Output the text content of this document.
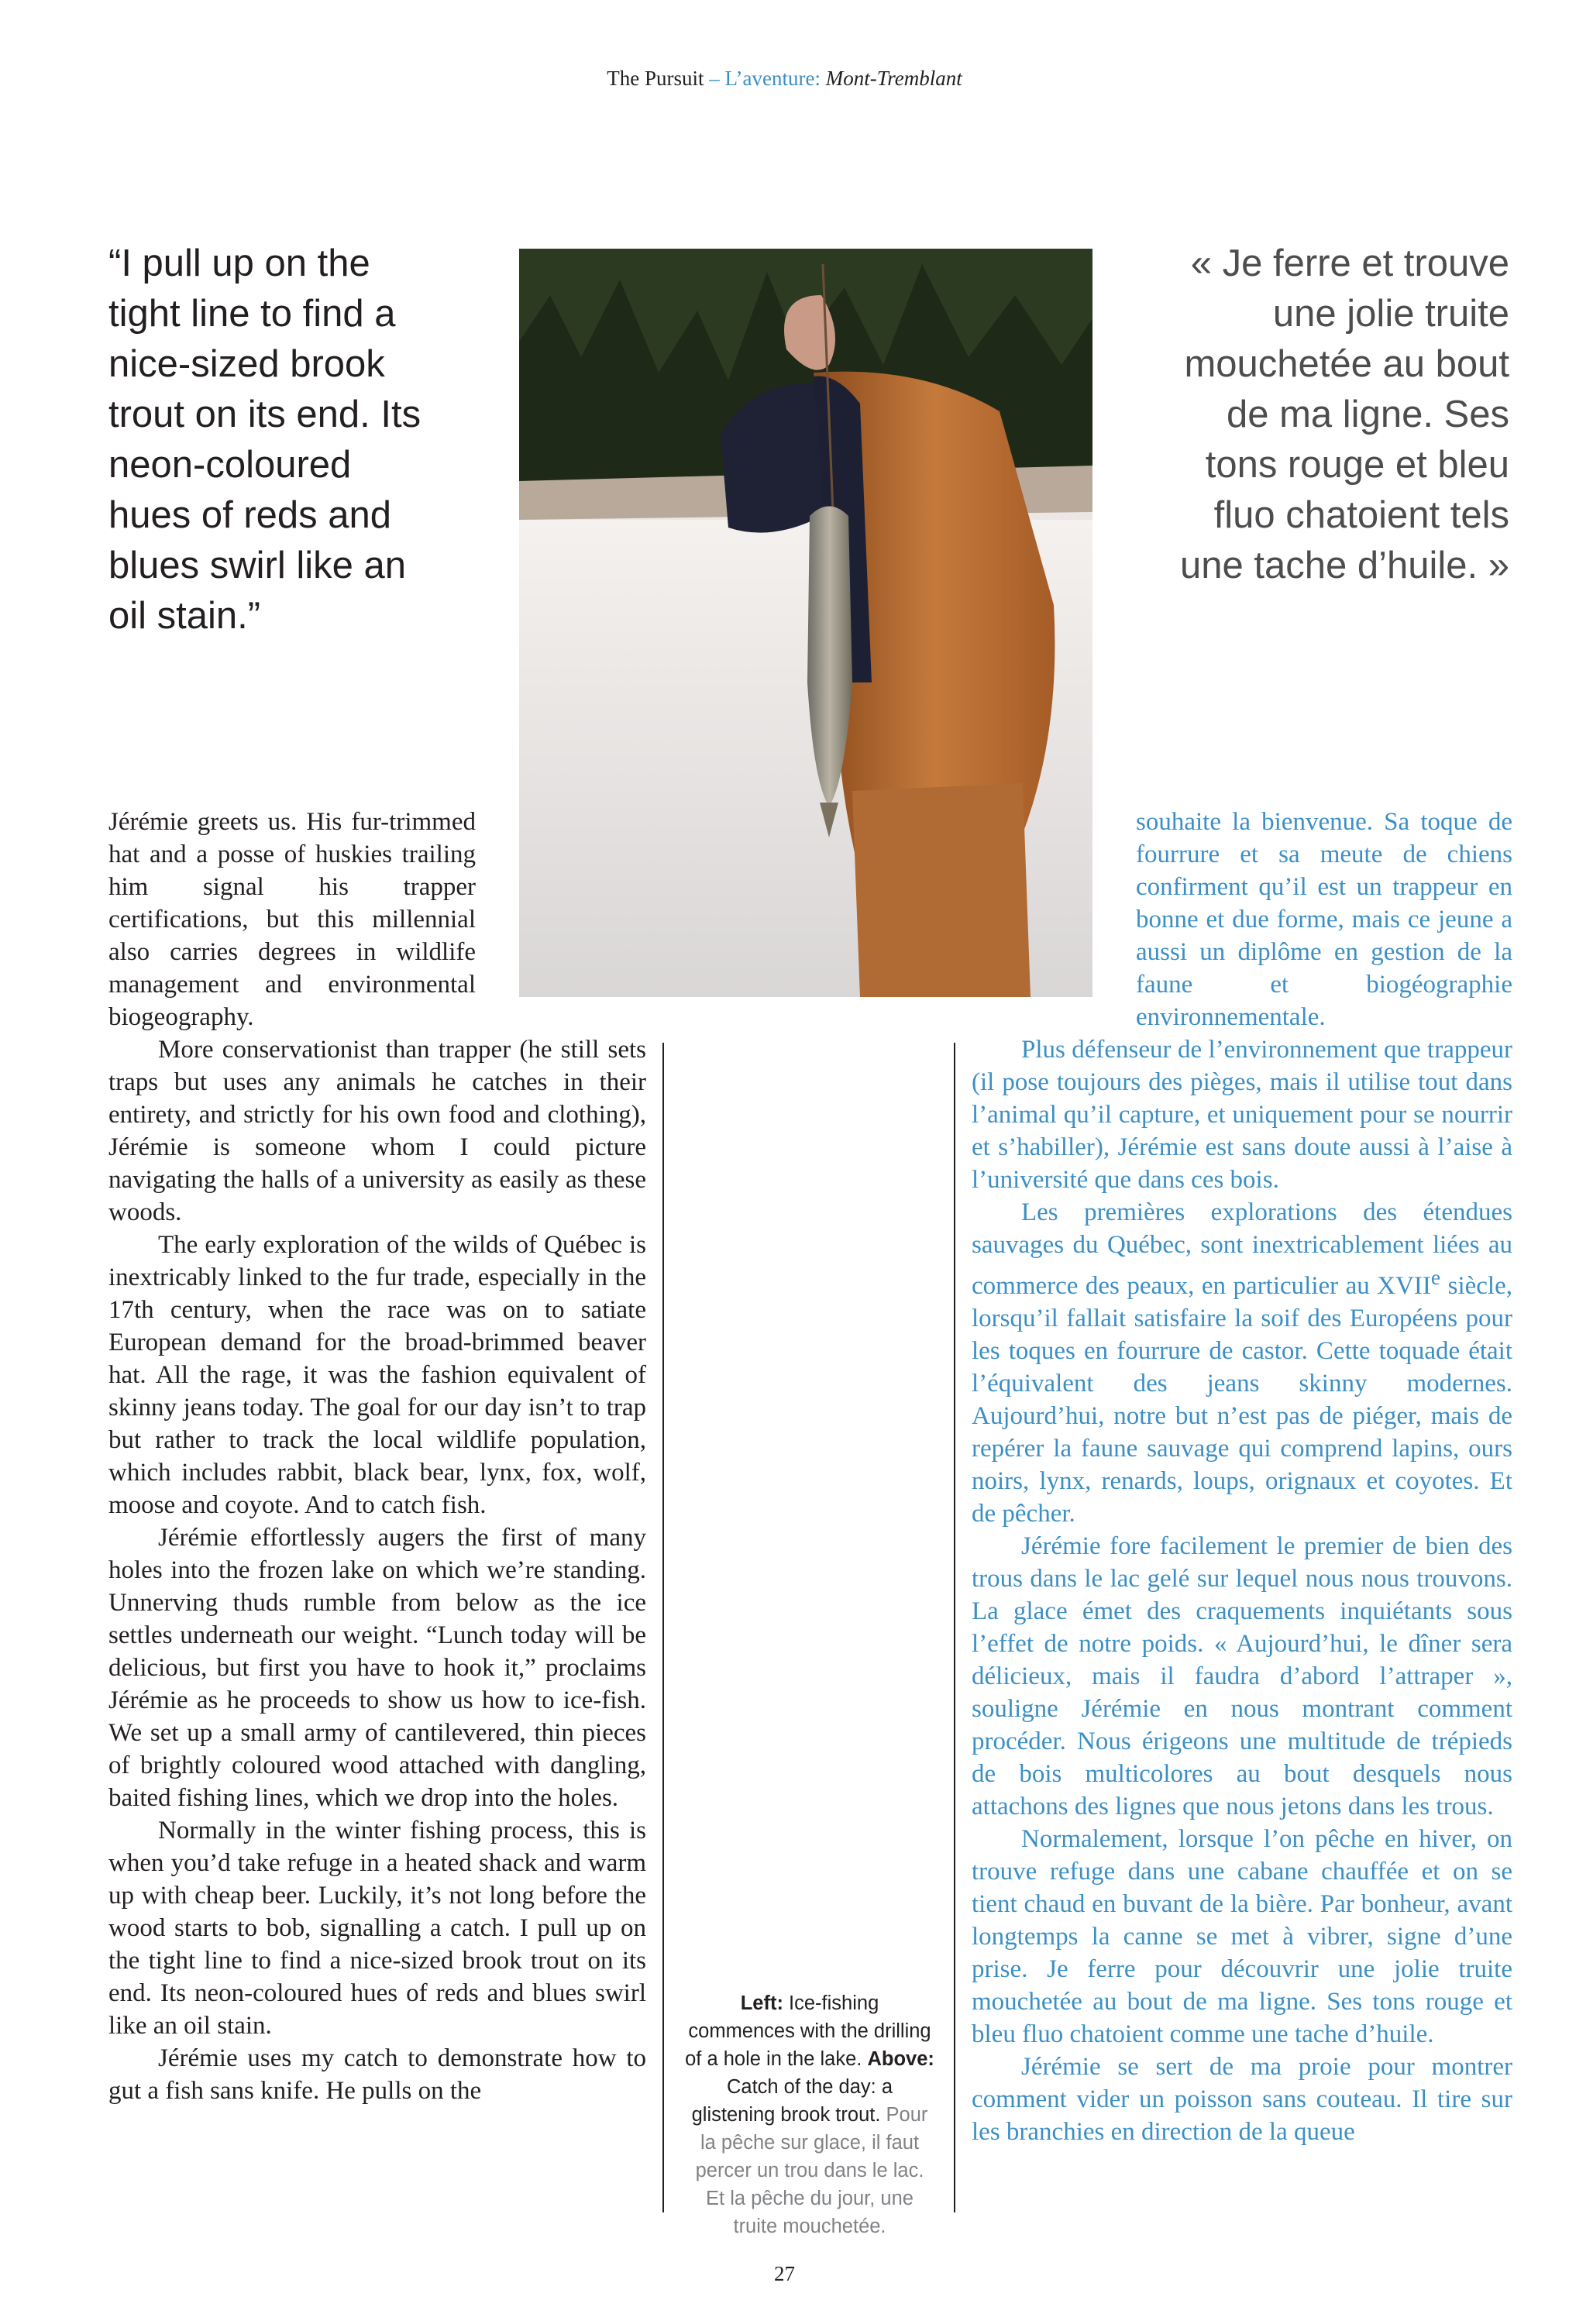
The Pursuit – L’aventure: Mont-Tremblant

“I pull up on the tight line to find a nice-sized brook trout on its end. Its neon-coloured hues of reds and blues swirl like an oil stain.”

« Je ferre et trouve une jolie truite mouchetée au bout de ma ligne. Ses tons rouge et bleu fluo chatoient tels une tache d’huile. »

Jérémie greets us. His fur-trimmed hat and a posse of huskies trailing him signal his trapper certifications, but this millennial also carries degrees in wildlife management and environmental biogeography.

More conservationist than trapper (he still sets traps but uses any animals he catches in their entirety, and strictly for his own food and clothing), Jérémie is someone whom I could picture navigating the halls of a university as easily as these woods.

The early exploration of the wilds of Québec is inextricably linked to the fur trade, especially in the 17th century, when the race was on to satiate European demand for the broad-brimmed beaver hat. All the rage, it was the fashion equivalent of skinny jeans today. The goal for our day isn’t to trap but rather to track the local wildlife population, which includes rabbit, black bear, lynx, fox, wolf, moose and coyote. And to catch fish.

Jérémie effortlessly augers the first of many holes into the frozen lake on which we’re standing. Unnerving thuds rumble from below as the ice settles underneath our weight. “Lunch today will be delicious, but first you have to hook it,” proclaims Jérémie as he proceeds to show us how to ice-fish. We set up a small army of cantilevered, thin pieces of brightly coloured wood attached with dangling, baited fishing lines, which we drop into the holes.

Normally in the winter fishing process, this is when you’d take refuge in a heated shack and warm up with cheap beer. Luckily, it’s not long before the wood starts to bob, signalling a catch. I pull up on the tight line to find a nice-sized brook trout on its end. Its neon-coloured hues of reds and blues swirl like an oil stain.

Jérémie uses my catch to demonstrate how to gut a fish sans knife. He pulls on the

souhaite la bienvenue. Sa toque de fourrure et sa meute de chiens confirment qu’il est un trappeur en bonne et due forme, mais ce jeune a aussi un diplôme en gestion de la faune et biogéographie environnementale.

Plus défenseur de l’environnement que trappeur (il pose toujours des pièges, mais il utilise tout dans l’animal qu’il capture, et uniquement pour se nourrir et s’habiller), Jérémie est sans doute aussi à l’aise à l’université que dans ces bois.

Les premières explorations des étendues sauvages du Québec, sont inextricablement liées au commerce des peaux, en particulier au XVIIe siècle, lorsqu’il fallait satisfaire la soif des Européens pour les toques en fourrure de castor. Cette toquade était l’équivalent des jeans skinny modernes. Aujourd’hui, notre but n’est pas de piéger, mais de repérer la faune sauvage qui comprend lapins, ours noirs, lynx, renards, loups, orignaux et coyotes. Et de pêcher.

Jérémie fore facilement le premier de bien des trous dans le lac gelé sur lequel nous nous trouvons. La glace émet des craquements inquiétants sous l’effet de notre poids. « Aujourd’hui, le dîner sera délicieux, mais il faudra d’abord l’attraper », souligne Jérémie en nous montrant comment procéder. Nous érigeons une multitude de trépieds de bois multicolores au bout desquels nous attachons des lignes que nous jetons dans les trous.

Normalement, lorsque l’on pêche en hiver, on trouve refuge dans une cabane chauffée et on se tient chaud en buvant de la bière. Par bonheur, avant longtemps la canne se met à vibrer, signe d’une prise. Je ferre pour découvrir une jolie truite mouchetée au bout de ma ligne. Ses tons rouge et bleu fluo chatoient comme une tache d’huile.

Jérémie se sert de ma proie pour montrer comment vider un poisson sans couteau. Il tire sur les branchies en direction de la queue

Left: Ice-fishing commences with the drilling of a hole in the lake. Above: Catch of the day: a glistening brook trout. Pour la pêche sur glace, il faut percer un trou dans le lac. Et la pêche du jour, une truite mouchetée.

27
